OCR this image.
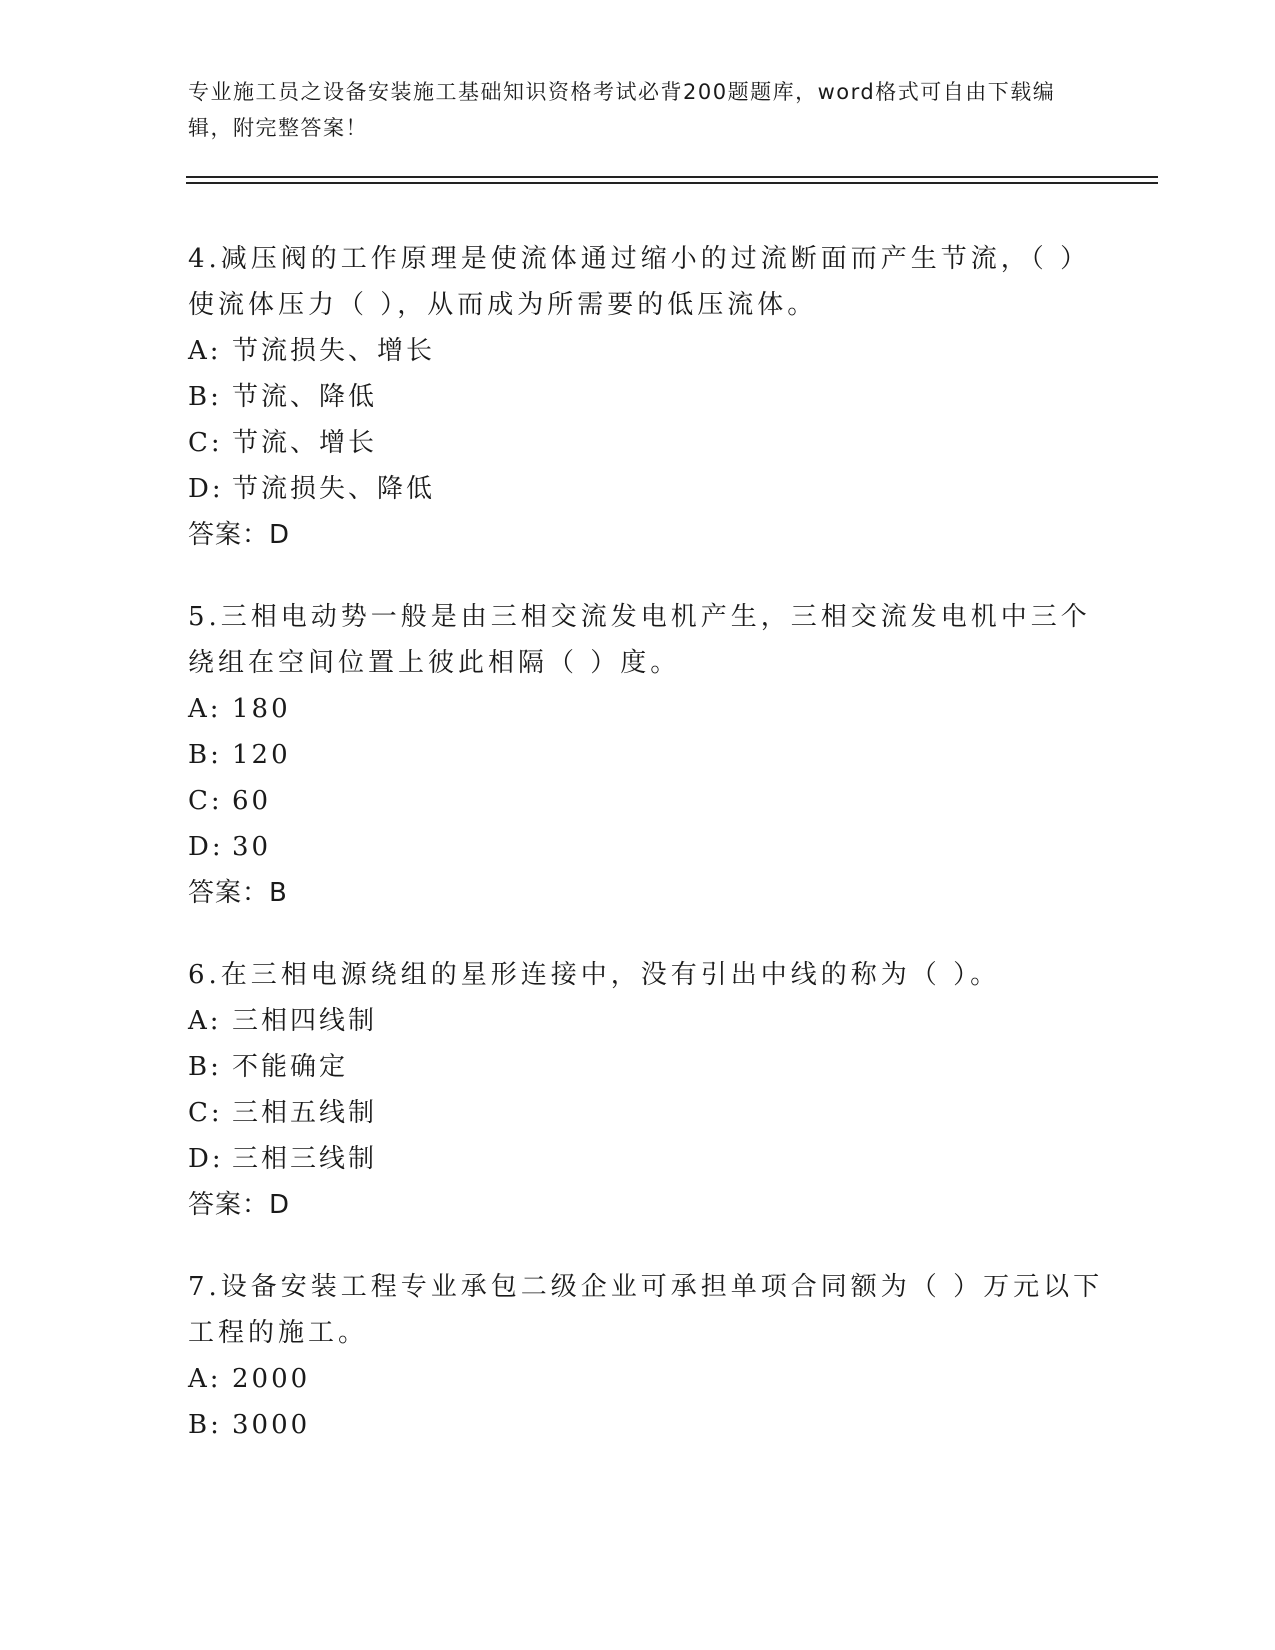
专业施工员之设备安装施工基础知识资格考试必背200题题库，word格式可自由下载编辑，附完整答案！

4.减压阀的工作原理是使流体通过缩小的过流断面而产生节流，（ ）使流体压力（ ），从而成为所需要的低压流体。

A: 节流损失、增长

B: 节流、降低

C: 节流、增长

D: 节流损失、降低

答案：D

5.三相电动势一般是由三相交流发电机产生，三相交流发电机中三个绕组在空间位置上彼此相隔（ ）度。

A: 180

B: 120

C: 60

D: 30

答案：B

6.在三相电源绕组的星形连接中，没有引出中线的称为（ ）。

A: 三相四线制

B: 不能确定

C: 三相五线制

D: 三相三线制

答案：D

7.设备安装工程专业承包二级企业可承担单项合同额为（ ）万元以下工程的施工。

A: 2000

B: 3000
